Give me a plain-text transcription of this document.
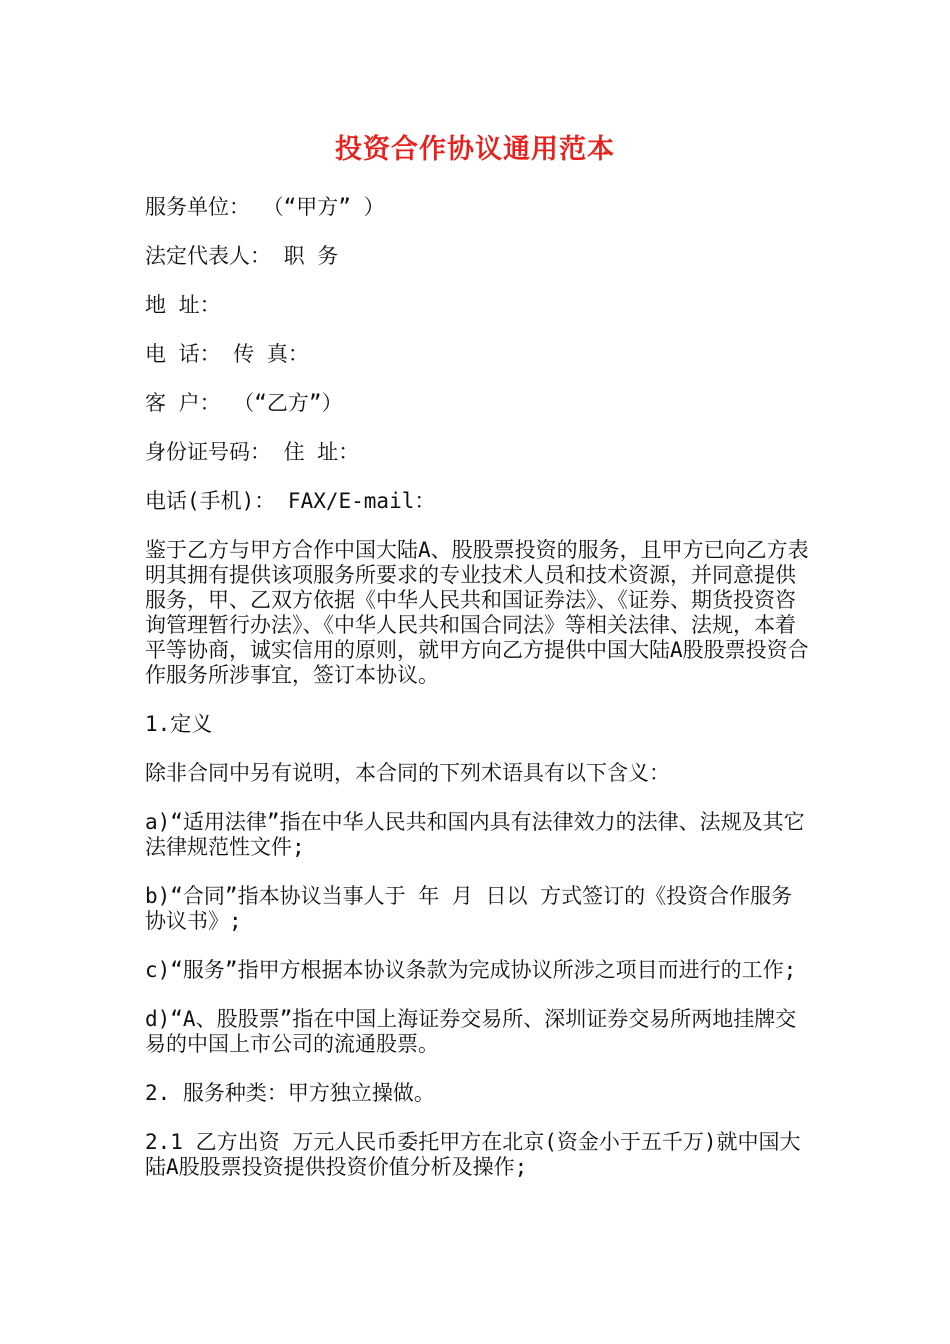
投资合作协议通用范本

服务单位： （“甲方” ）

法定代表人： 职 务

地 址：

电 话： 传 真：

客 户： （“乙方”）

身份证号码： 住 址：

电话(手机)： FAX/E-mail：

鉴于乙方与甲方合作中国大陆A、股股票投资的服务，且甲方已向乙方表明其拥有提供该项服务所要求的专业技术人员和技术资源，并同意提供服务，甲、乙双方依据《中华人民共和国证券法》、《证券、期货投资咨询管理暂行办法》、《中华人民共和国合同法》等相关法律、法规，本着平等协商，诚实信用的原则，就甲方向乙方提供中国大陆A股股票投资合作服务所涉事宜，签订本协议。

1.定义

除非合同中另有说明，本合同的下列术语具有以下含义：

a)“适用法律”指在中华人民共和国内具有法律效力的法律、法规及其它法律规范性文件;

b)“合同”指本协议当事人于 年 月 日以 方式签订的《投资合作服务协议书》;

c)“服务”指甲方根据本协议条款为完成协议所涉之项目而进行的工作;

d)“A、股股票”指在中国上海证券交易所、深圳证券交易所两地挂牌交易的中国上市公司的流通股票。

2. 服务种类：甲方独立操做。

2.1 乙方出资 万元人民币委托甲方在北京(资金小于五千万)就中国大陆A股股票投资提供投资价值分析及操作;
